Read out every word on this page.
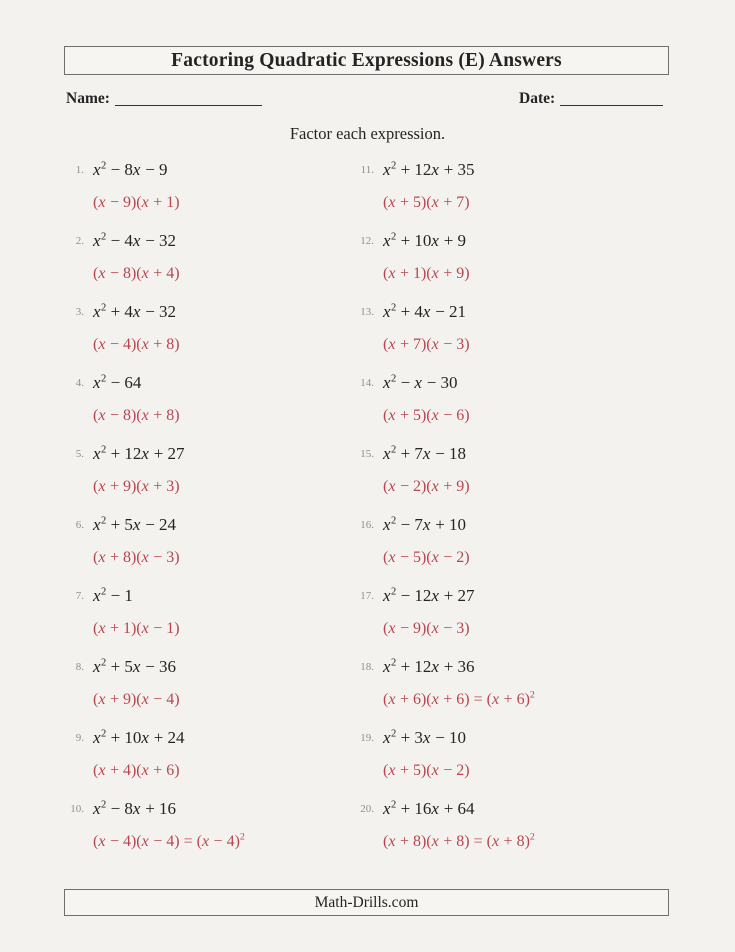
Factoring Quadratic Expressions (E) Answers
Name:	Date:
Factor each expression.
1. $x^2 - 8x - 9$
(x − 9)(x + 1)
2. $x^2 - 4x - 32$
(x − 8)(x + 4)
3. $x^2 + 4x - 32$
(x − 4)(x + 8)
4. $x^2 - 64$
(x − 8)(x + 8)
5. $x^2 + 12x + 27$
(x + 9)(x + 3)
6. $x^2 + 5x - 24$
(x + 8)(x − 3)
7. $x^2 - 1$
(x + 1)(x − 1)
8. $x^2 + 5x - 36$
(x + 9)(x − 4)
9. $x^2 + 10x + 24$
(x + 4)(x + 6)
10. $x^2 - 8x + 16$
$(x - 4)(x - 4) = (x - 4)^2$
11. $x^2 + 12x + 35$
(x + 5)(x + 7)
12. $x^2 + 10x + 9$
(x + 1)(x + 9)
13. $x^2 + 4x - 21$
(x + 7)(x − 3)
14. $x^2 - x - 30$
(x + 5)(x − 6)
15. $x^2 + 7x - 18$
(x − 2)(x + 9)
16. $x^2 - 7x + 10$
(x − 5)(x − 2)
17. $x^2 - 12x + 27$
(x − 9)(x − 3)
18. $x^2 + 12x + 36$
$(x + 6)(x + 6) = (x + 6)^2$
19. $x^2 + 3x - 10$
(x + 5)(x − 2)
20. $x^2 + 16x + 64$
$(x + 8)(x + 8) = (x + 8)^2$
Math-Drills.com
